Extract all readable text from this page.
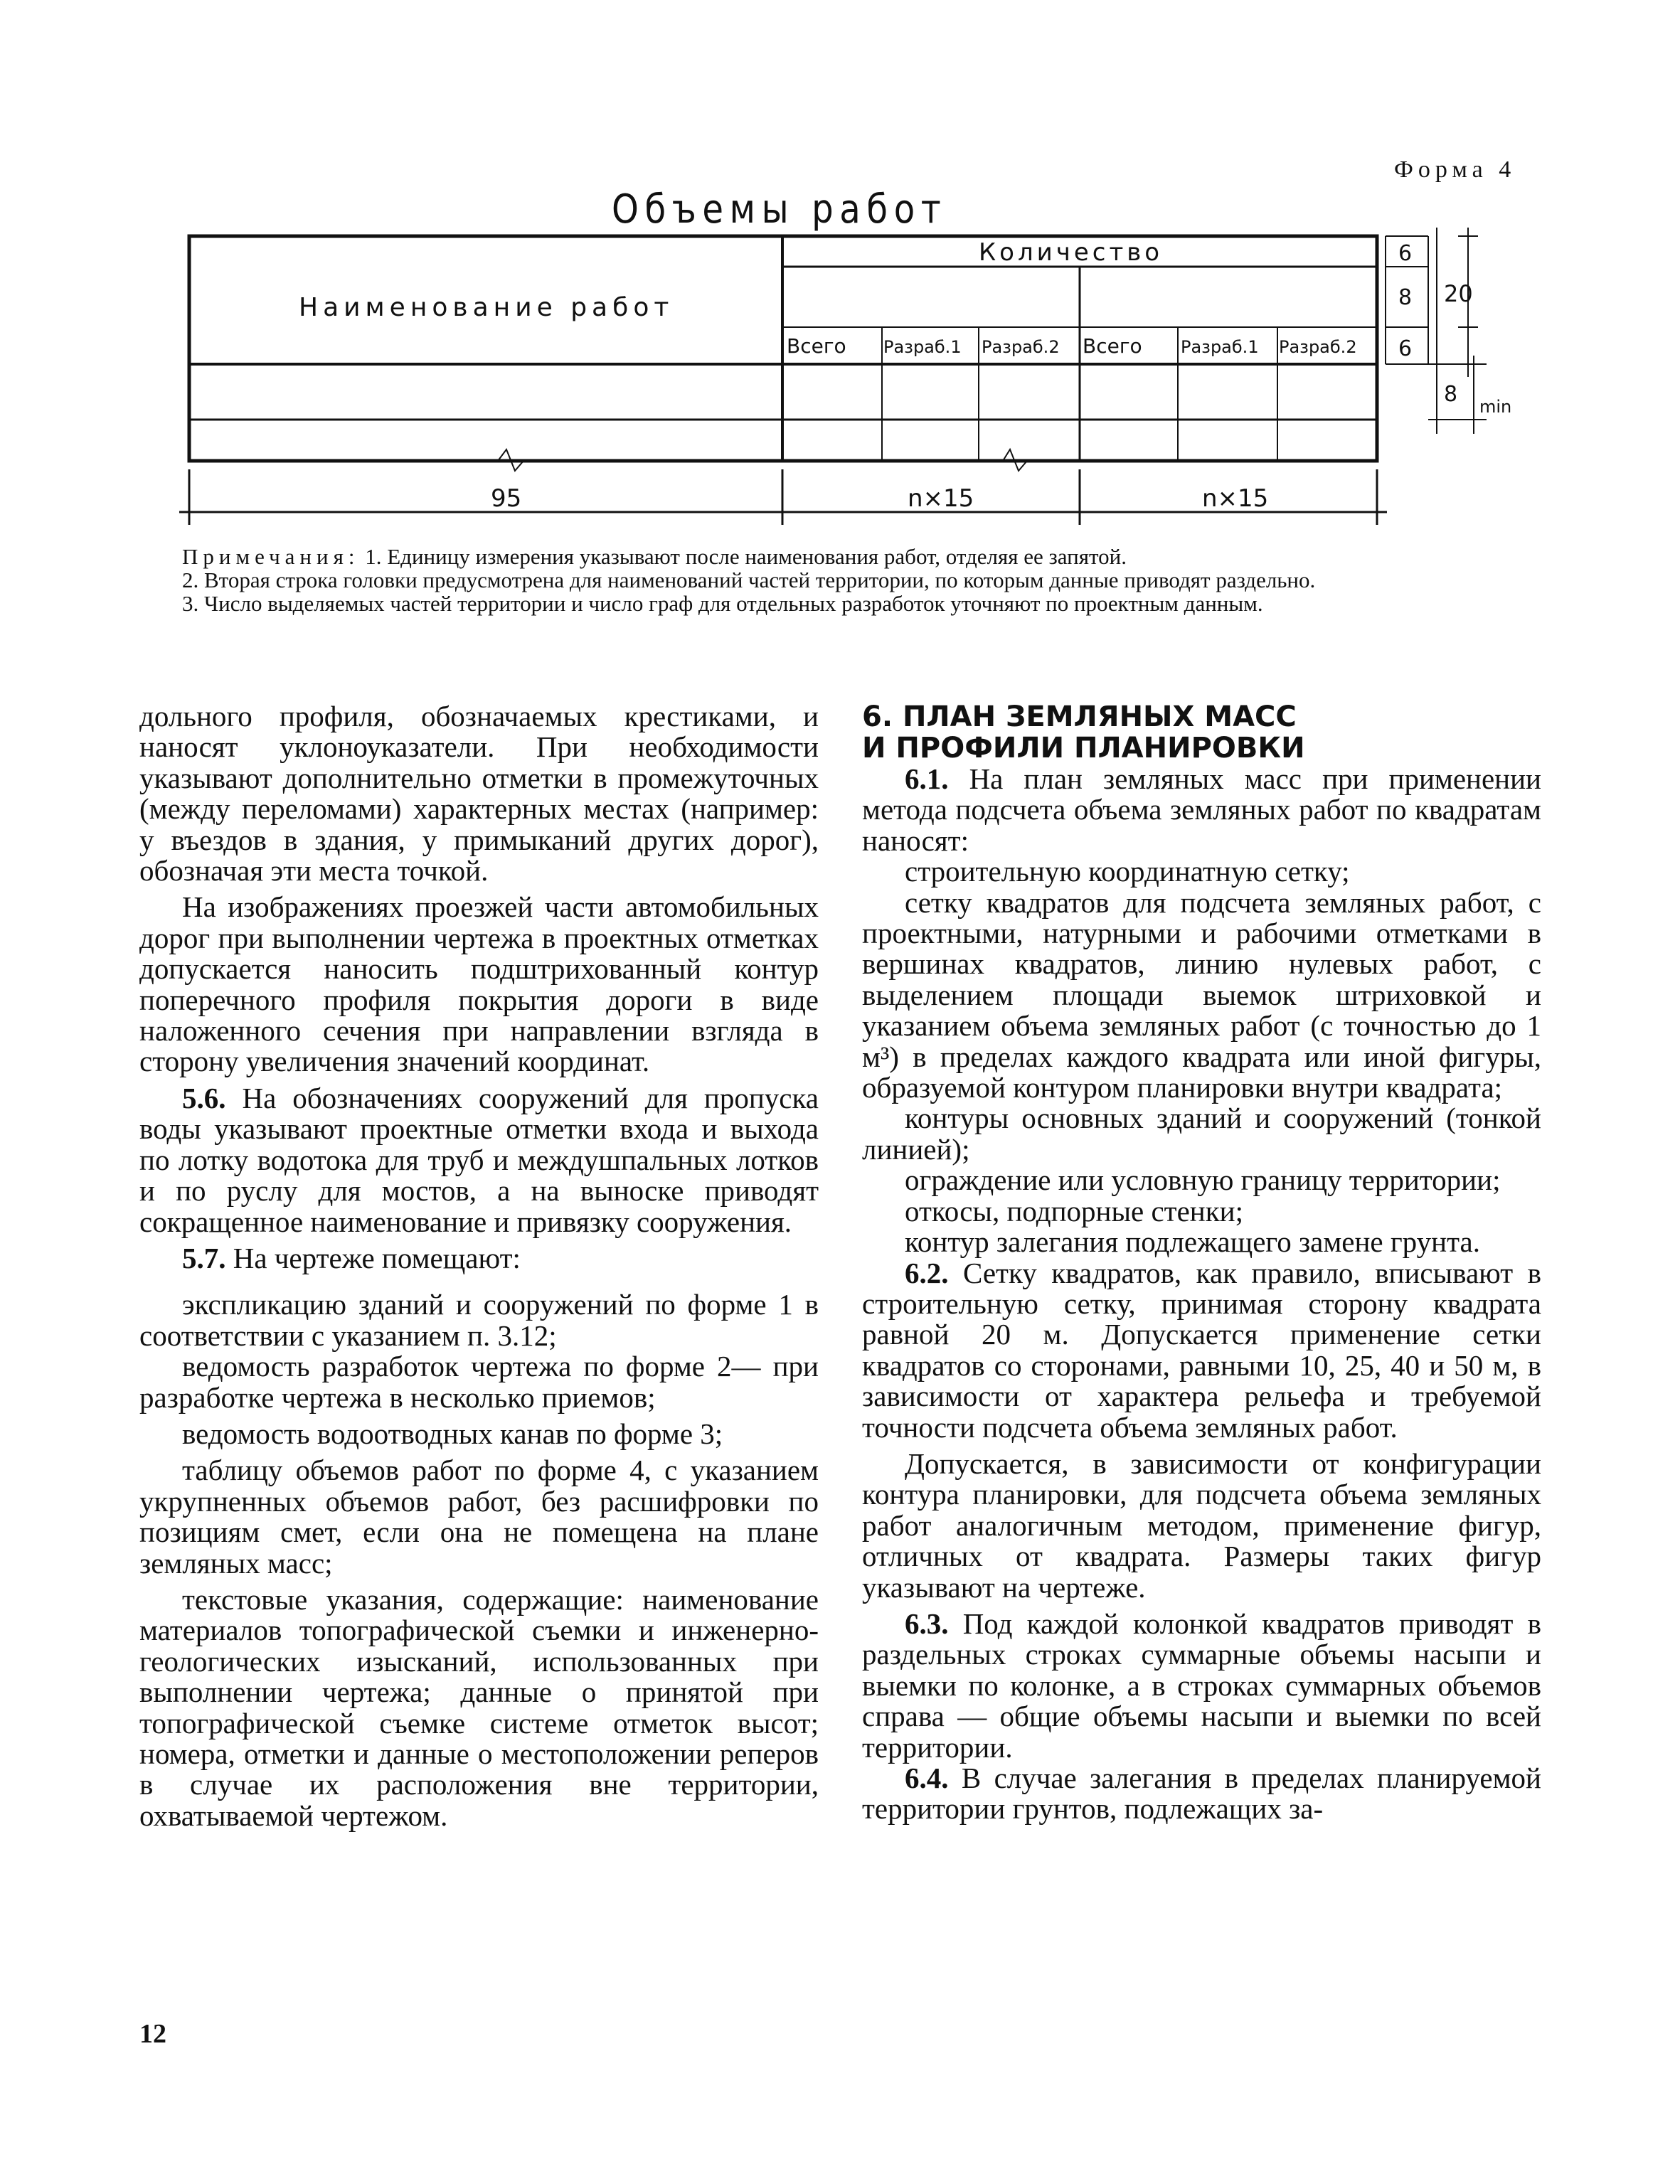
Форма 4
Объемы работ
Наименование работ
Количество
Всего Разраб.1 Разраб.2 Всего Разраб.1 Разраб.2
95	n×15	n×15
6
8
6
8
20
min

Примечания: 1. Единицу измерения указывают после наименования работ, отделяя ее запятой.

2. Вторая строка головки предусмотрена для наименований частей территории, по которым данные приводят раздельно.

3. Число выделяемых частей территории и число граф для отдельных разработок уточняют по проектным данным.

дольного профиля, обозначаемых крестиками, и наносят уклоноуказатели. При необходимости указывают дополнительно отметки в промежуточных (между переломами) характерных местах (например: у въездов в здания, у примыканий других дорог), обозначая эти места точкой.

На изображениях проезжей части автомобильных дорог при выполнении чертежа в проектных отметках допускается наносить подштрихованный контур поперечного профиля покрытия дороги в виде наложенного сечения при направлении взгляда в сторону увеличения значений координат.

5.6. На обозначениях сооружений для пропуска воды указывают проектные отметки входа и выхода по лотку водотока для труб и междушпальных лотков и по руслу для мостов, а на выноске приводят сокращенное наименование и привязку сооружения.

5.7. На чертеже помещают:

экспликацию зданий и сооружений по форме 1 в соответствии с указанием п. 3.12;

ведомость разработок чертежа по форме 2— при разработке чертежа в несколько приемов;

ведомость водоотводных канав по форме 3;

таблицу объемов работ по форме 4, с указанием укрупненных объемов работ, без расшифровки по позициям смет, если она не помещена на плане земляных масс;

текстовые указания, содержащие: наименование материалов топографической съемки и инженерно-геологических изысканий, использованных при выполнении чертежа; данные о принятой при топографической съемке системе отметок высот; номера, отметки и данные о местоположении реперов в случае их расположения вне территории, охватываемой чертежом.

6. ПЛАН ЗЕМЛЯНЫХ МАСС
И ПРОФИЛИ ПЛАНИРОВКИ

6.1. На план земляных масс при применении метода подсчета объема земляных работ по квадратам наносят:

строительную координатную сетку;

сетку квадратов для подсчета земляных работ, с проектными, натурными и рабочими отметками в вершинах квадратов, линию нулевых работ, с выделением площади выемок штриховкой и указанием объема земляных работ (с точностью до 1 м³) в пределах каждого квадрата или иной фигуры, образуемой контуром планировки внутри квадрата;

контуры основных зданий и сооружений (тонкой линией);

ограждение или условную границу территории;

откосы, подпорные стенки;

контур залегания подлежащего замене грунта.

6.2. Сетку квадратов, как правило, вписывают в строительную сетку, принимая сторону квадрата равной 20 м. Допускается применение сетки квадратов со сторонами, равными 10, 25, 40 и 50 м, в зависимости от характера рельефа и требуемой точности подсчета объема земляных работ.

Допускается, в зависимости от конфигурации контура планировки, для подсчета объема земляных работ аналогичным методом, применение фигур, отличных от квадрата. Размеры таких фигур указывают на чертеже.

6.3. Под каждой колонкой квадратов приводят в раздельных строках суммарные объемы насыпи и выемки по колонке, а в строках суммарных объемов справа — общие объемы насыпи и выемки по всей территории.

6.4. В случае залегания в пределах планируемой территории грунтов, подлежащих за-

12
